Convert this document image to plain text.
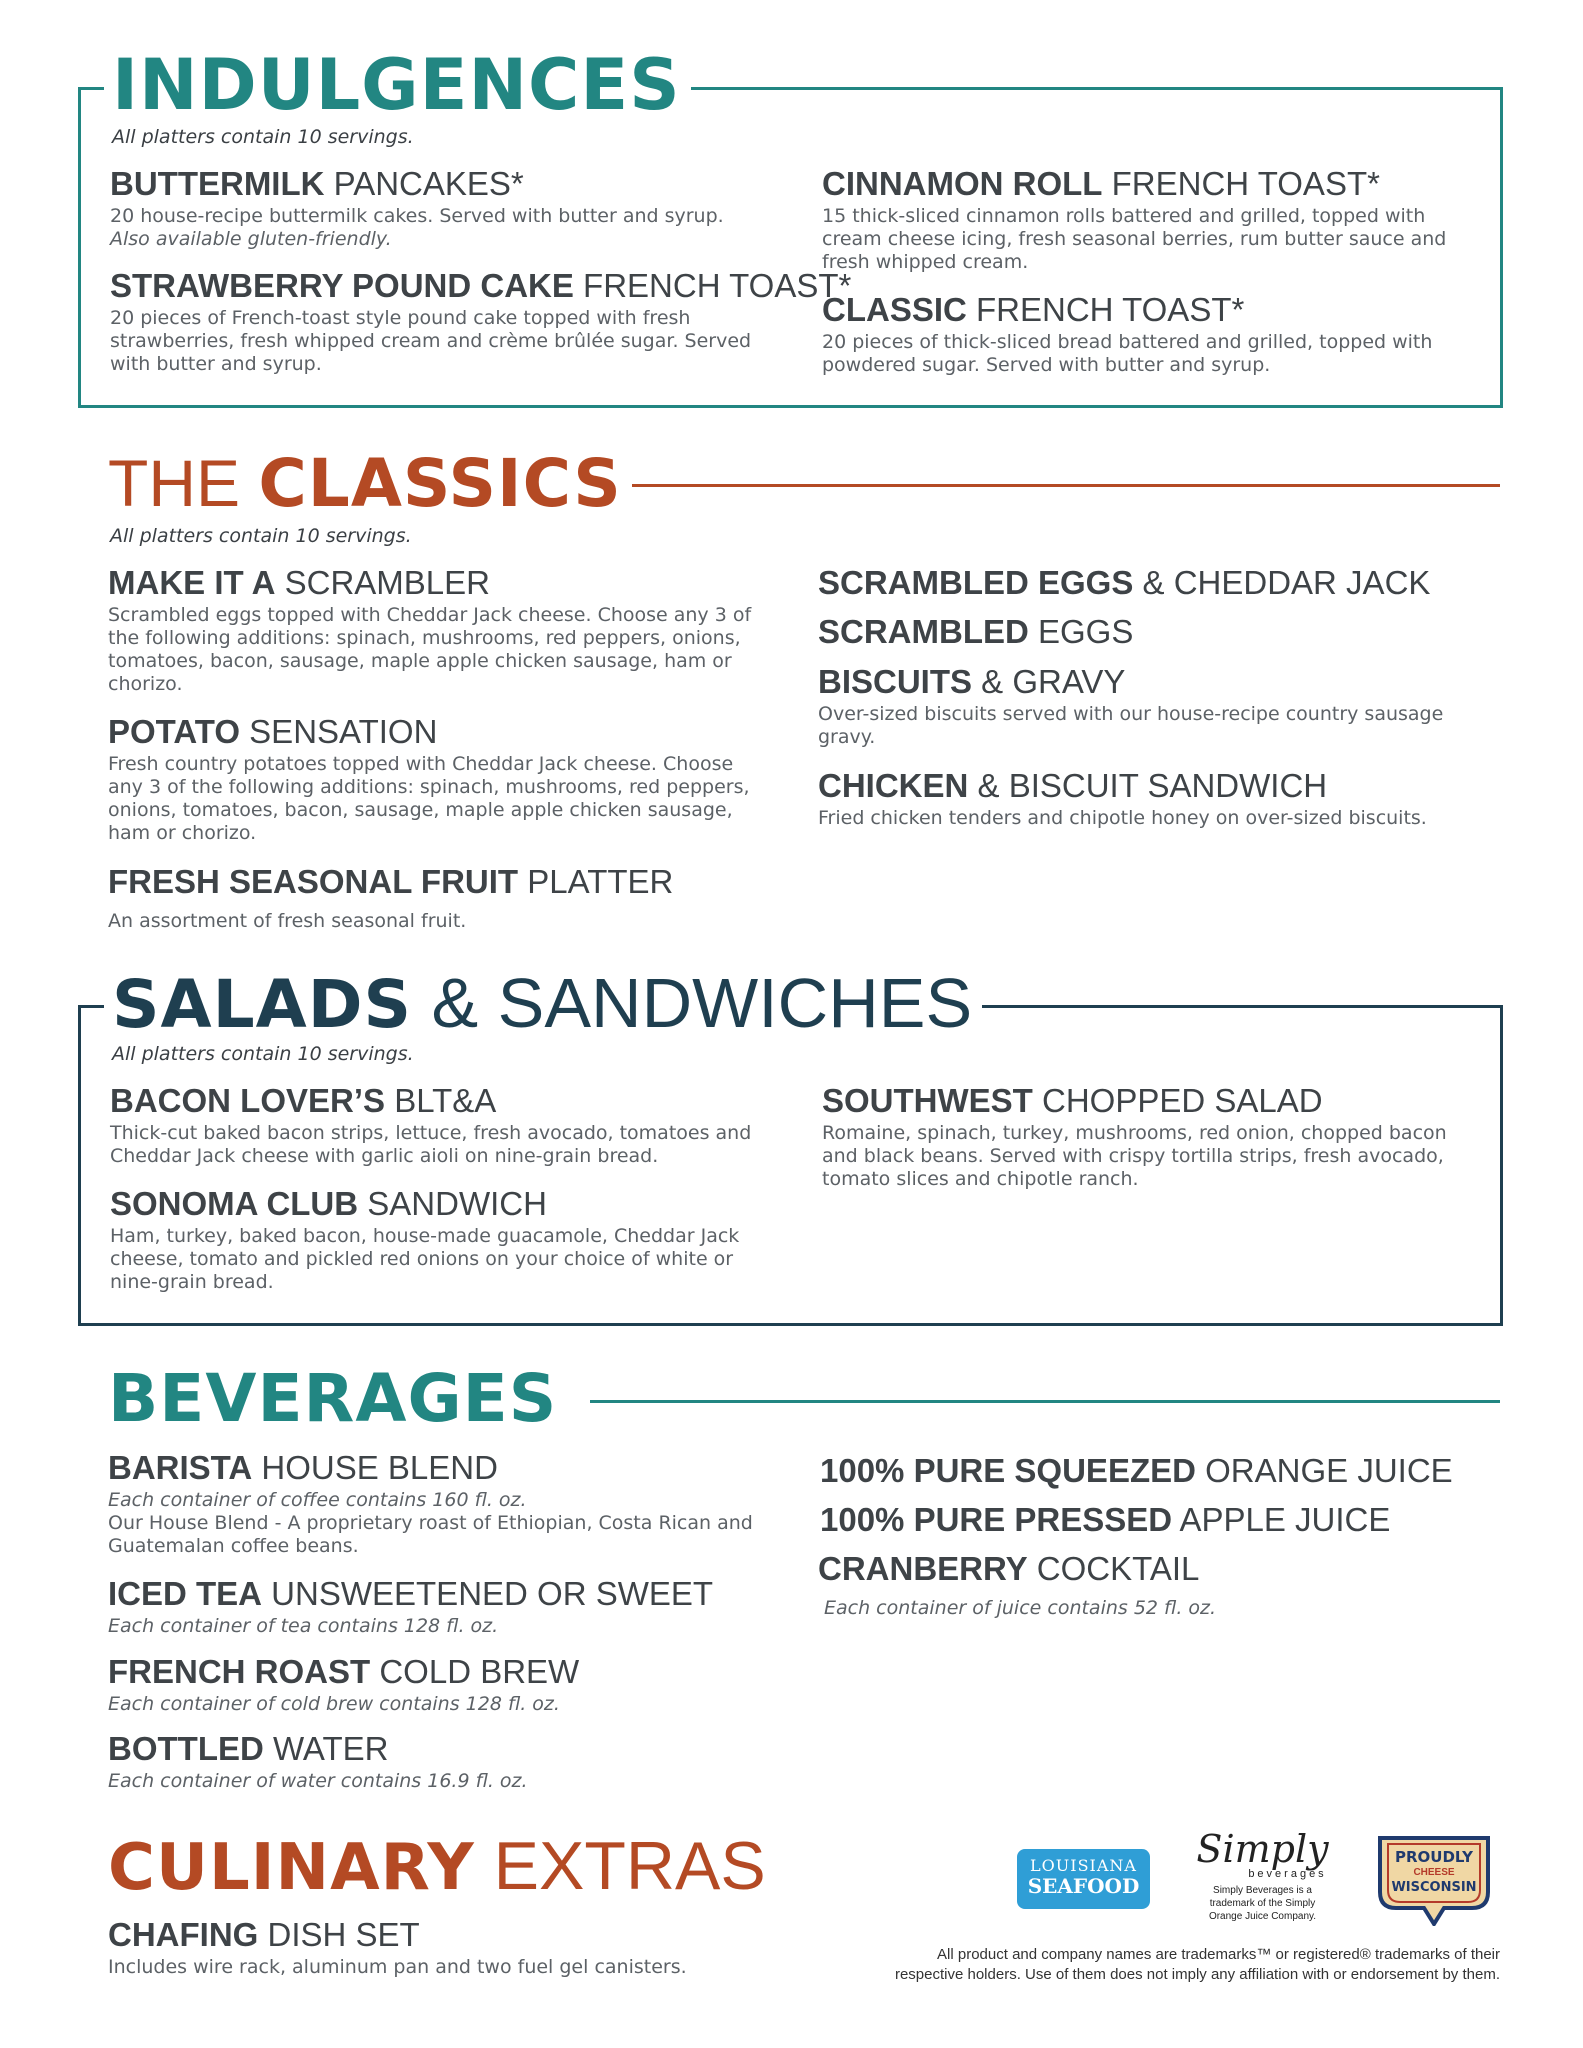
INDULGENCES
All platters contain 10 servings.
BUTTERMILK PANCAKES*
20 house-recipe buttermilk cakes. Served with butter and syrup.
Also available gluten-friendly.
STRAWBERRY POUND CAKE FRENCH TOAST*
20 pieces of French-toast style pound cake topped with fresh strawberries, fresh whipped cream and crème brûlée sugar. Served with butter and syrup.
CINNAMON ROLL FRENCH TOAST*
15 thick-sliced cinnamon rolls battered and grilled, topped with cream cheese icing, fresh seasonal berries, rum butter sauce and fresh whipped cream.
CLASSIC FRENCH TOAST*
20 pieces of thick-sliced bread battered and grilled, topped with powdered sugar. Served with butter and syrup.
THE CLASSICS
All platters contain 10 servings.
MAKE IT A SCRAMBLER
Scrambled eggs topped with Cheddar Jack cheese. Choose any 3 of the following additions: spinach, mushrooms, red peppers, onions, tomatoes, bacon, sausage, maple apple chicken sausage, ham or chorizo.
POTATO SENSATION
Fresh country potatoes topped with Cheddar Jack cheese. Choose any 3 of the following additions: spinach, mushrooms, red peppers, onions, tomatoes, bacon, sausage, maple apple chicken sausage, ham or chorizo.
FRESH SEASONAL FRUIT PLATTER
An assortment of fresh seasonal fruit.
SCRAMBLED EGGS & CHEDDAR JACK
SCRAMBLED EGGS
BISCUITS & GRAVY
Over-sized biscuits served with our house-recipe country sausage gravy.
CHICKEN & BISCUIT SANDWICH
Fried chicken tenders and chipotle honey on over-sized biscuits.
SALADS & SANDWICHES
All platters contain 10 servings.
BACON LOVER’S BLT&A
Thick-cut baked bacon strips, lettuce, fresh avocado, tomatoes and Cheddar Jack cheese with garlic aioli on nine-grain bread.
SONOMA CLUB SANDWICH
Ham, turkey, baked bacon, house-made guacamole, Cheddar Jack cheese, tomato and pickled red onions on your choice of white or nine-grain bread.
SOUTHWEST CHOPPED SALAD
Romaine, spinach, turkey, mushrooms, red onion, chopped bacon and black beans. Served with crispy tortilla strips, fresh avocado, tomato slices and chipotle ranch.
BEVERAGES
BARISTA HOUSE BLEND
Each container of coffee contains 160 fl. oz.
Our House Blend - A proprietary roast of Ethiopian, Costa Rican and Guatemalan coffee beans.
ICED TEA UNSWEETENED OR SWEET
Each container of tea contains 128 fl. oz.
FRENCH ROAST COLD BREW
Each container of cold brew contains 128 fl. oz.
BOTTLED WATER
Each container of water contains 16.9 fl. oz.
100% PURE SQUEEZED ORANGE JUICE
100% PURE PRESSED APPLE JUICE
CRANBERRY COCKTAIL
Each container of juice contains 52 fl. oz.
CULINARY EXTRAS
CHAFING DISH SET
Includes wire rack, aluminum pan and two fuel gel canisters.
LOUISIANA
SEAFOOD
Simply
beverages
Simply Beverages is a trademark of the Simply Orange Juice Company.
PROUDLY
CHEESE
WISCONSIN
All product and company names are trademarks™ or registered® trademarks of their respective holders. Use of them does not imply any affiliation with or endorsement by them.
